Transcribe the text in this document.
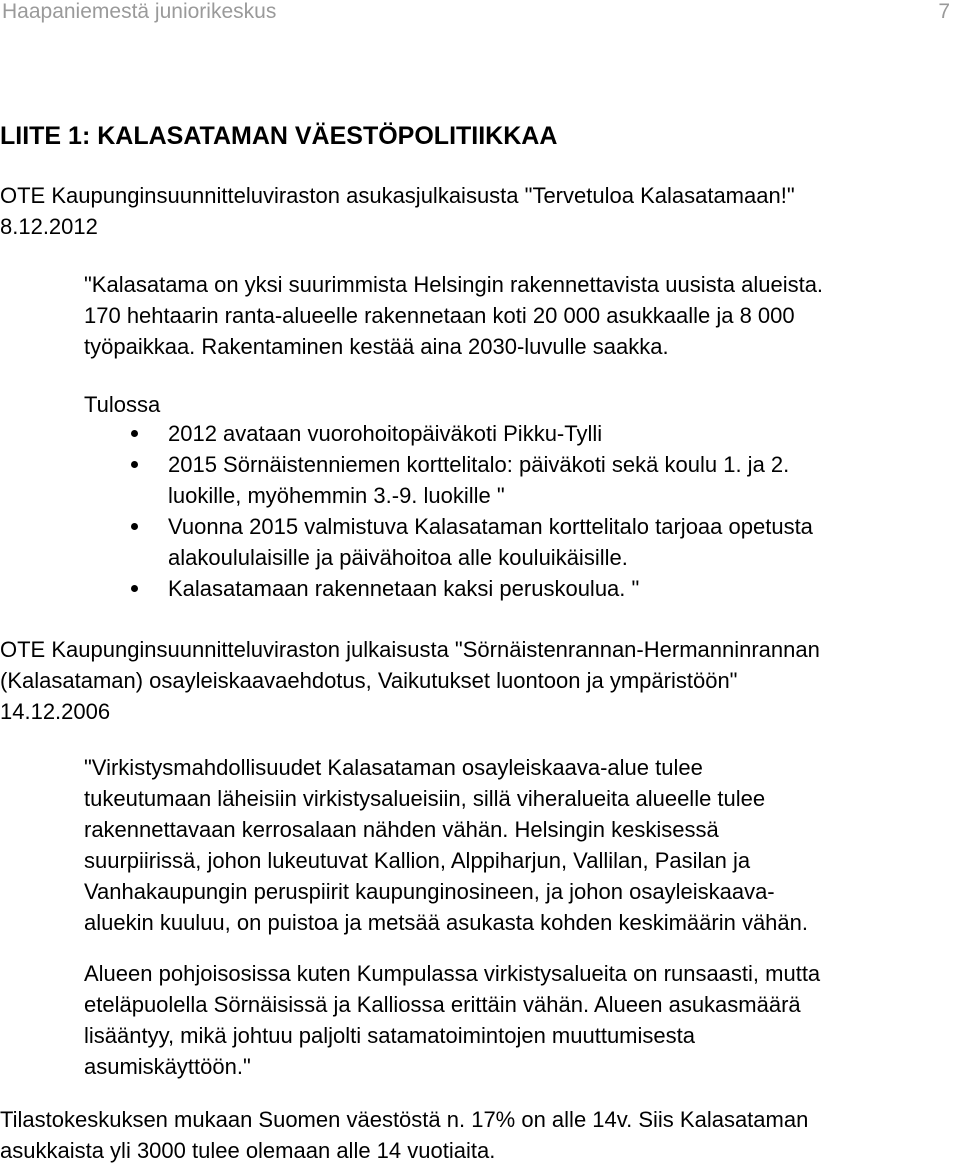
Haapaniemestä juniorikeskus	7
LIITE 1: KALASATAMAN VÄESTÖPOLITIIKKAA
OTE Kaupunginsuunnitteluviraston asukasjulkaisusta "Tervetuloa Kalasatamaan!"
8.12.2012
"Kalasatama on yksi suurimmista Helsingin rakennettavista uusista alueista.
170 hehtaarin ranta-alueelle rakennetaan koti 20 000 asukkaalle ja 8 000
työpaikkaa. Rakentaminen kestää aina 2030-luvulle saakka.
Tulossa
2012 avataan vuorohoitopäiväkoti Pikku-Tylli
2015 Sörnäistenniemen korttelitalo: päiväkoti sekä koulu 1. ja 2.
luokille, myöhemmin 3.-9. luokille "
Vuonna 2015 valmistuva Kalasataman korttelitalo tarjoaa opetusta
alakoululaisille ja päivähoitoa alle kouluikäisille.
Kalasatamaan rakennetaan kaksi peruskoulua. "
OTE Kaupunginsuunnitteluviraston julkaisusta "Sörnäistenrannan-Hermanninrannan
(Kalasataman) osayleiskaavaehdotus, Vaikutukset luontoon ja ympäristöön"
14.12.2006
"Virkistysmahdollisuudet Kalasataman osayleiskaava-alue tulee
tukeutumaan läheisiin virkistysalueisiin, sillä viheralueita alueelle tulee
rakennettavaan kerrosalaan nähden vähän. Helsingin keskisessä
suurpiirissä, johon lukeutuvat Kallion, Alppiharjun, Vallilan, Pasilan ja
Vanhakaupungin peruspiirit kaupunginosineen, ja johon osayleiskaava-
aluekin kuuluu, on puistoa ja metsää asukasta kohden keskimäärin vähän.
Alueen pohjoisosissa kuten Kumpulassa virkistysalueita on runsaasti, mutta
eteläpuolella Sörnäisissä ja Kalliossa erittäin vähän. Alueen asukasmäärä
lisääntyy, mikä johtuu paljolti satamatoimintojen muuttumisesta
asumiskäyttöön."
Tilastokeskuksen mukaan Suomen väestöstä n. 17% on alle 14v. Siis Kalasataman
asukkaista yli 3000 tulee olemaan alle 14 vuotiaita.
